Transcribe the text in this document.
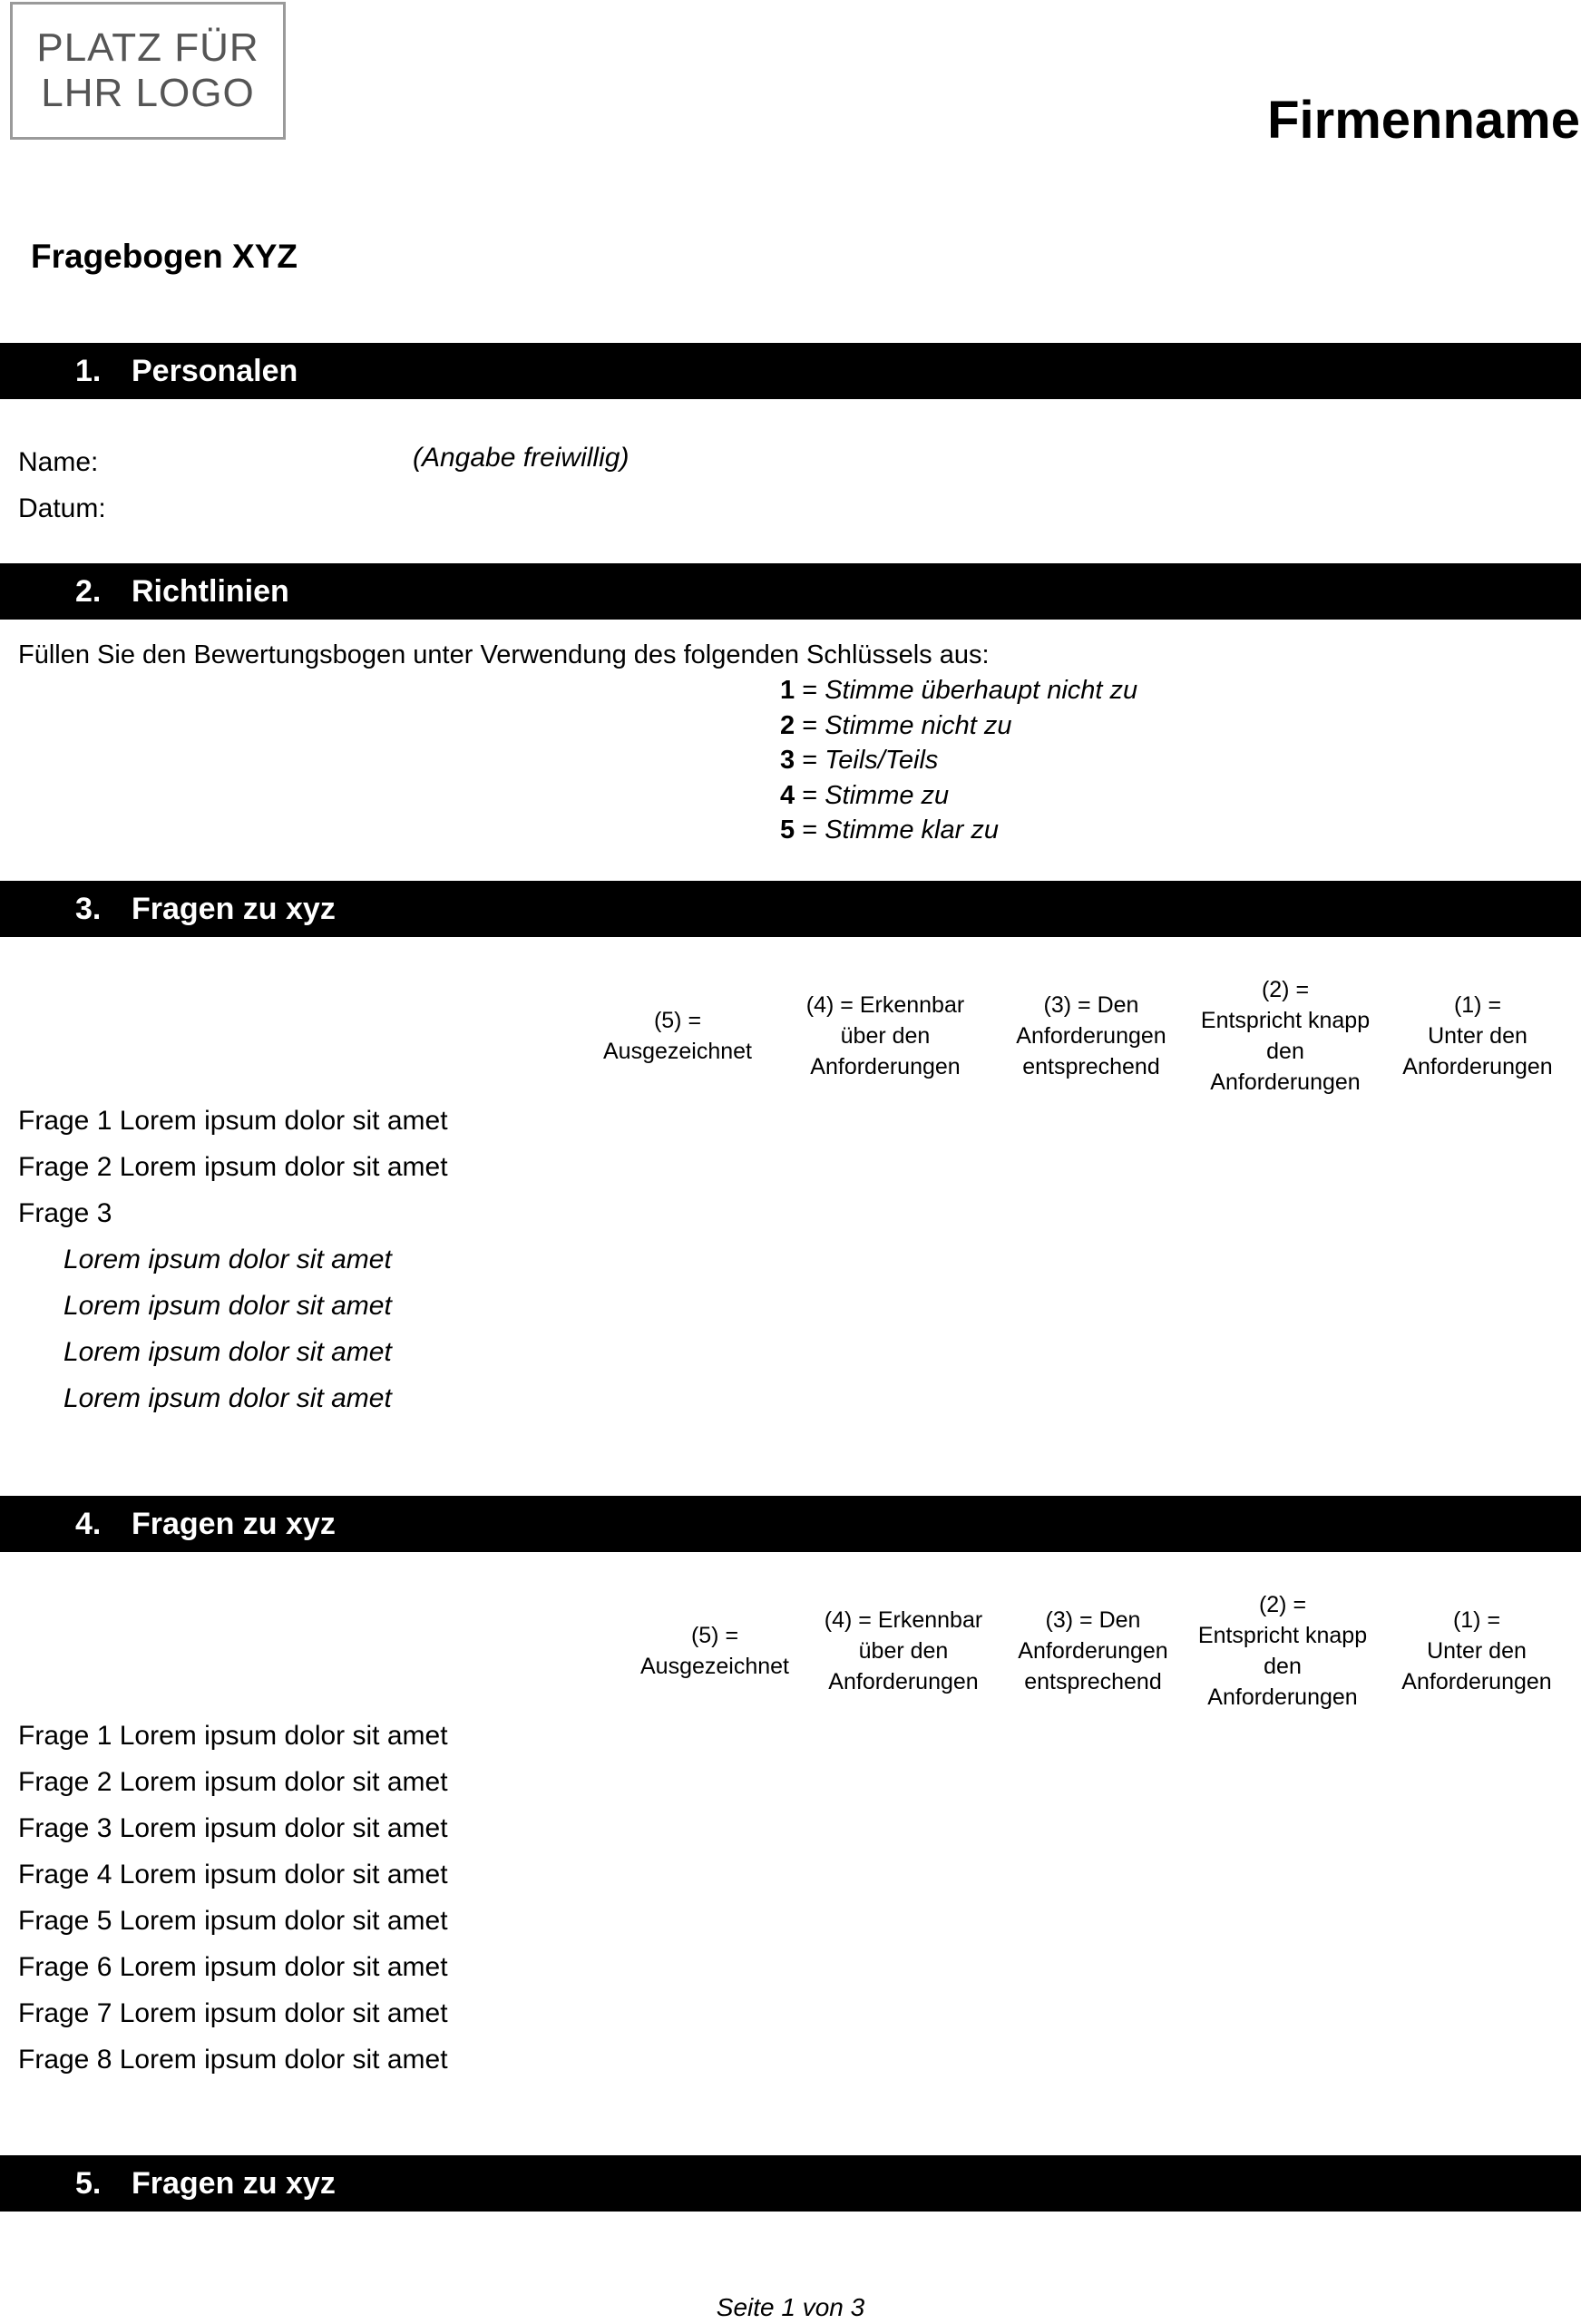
PLATZ FÜR
LHR LOGO	Firmenname
Fragebogen XYZ
1. Personalen
Name:	(Angabe freiwillig)
Datum:
2. Richtlinien
Füllen Sie den Bewertungsbogen unter Verwendung des folgenden Schlüssels aus:
1 = Stimme überhaupt nicht zu
2 = Stimme nicht zu
3 = Teils/Teils
4 = Stimme zu
5 = Stimme klar zu
3. Fragen zu xyz
(5) =
Ausgezeichnet
(4) = Erkennbar
über den
Anforderungen
(3) = Den
Anforderungen
entsprechend
(2) =
Entspricht knapp
den
Anforderungen
(1) =
Unter den
Anforderungen
Frage 1 Lorem ipsum dolor sit amet
Frage 2 Lorem ipsum dolor sit amet
Frage 3
Lorem ipsum dolor sit amet
Lorem ipsum dolor sit amet
Lorem ipsum dolor sit amet
Lorem ipsum dolor sit amet
4. Fragen zu xyz
(5) =
Ausgezeichnet
(4) = Erkennbar
über den
Anforderungen
(3) = Den
Anforderungen
entsprechend
(2) =
Entspricht knapp
den
Anforderungen
(1) =
Unter den
Anforderungen
Frage 1 Lorem ipsum dolor sit amet
Frage 2 Lorem ipsum dolor sit amet
Frage 3 Lorem ipsum dolor sit amet
Frage 4 Lorem ipsum dolor sit amet
Frage 5 Lorem ipsum dolor sit amet
Frage 6 Lorem ipsum dolor sit amet
Frage 7 Lorem ipsum dolor sit amet
Frage 8 Lorem ipsum dolor sit amet
5. Fragen zu xyz
Seite 1 von 3
